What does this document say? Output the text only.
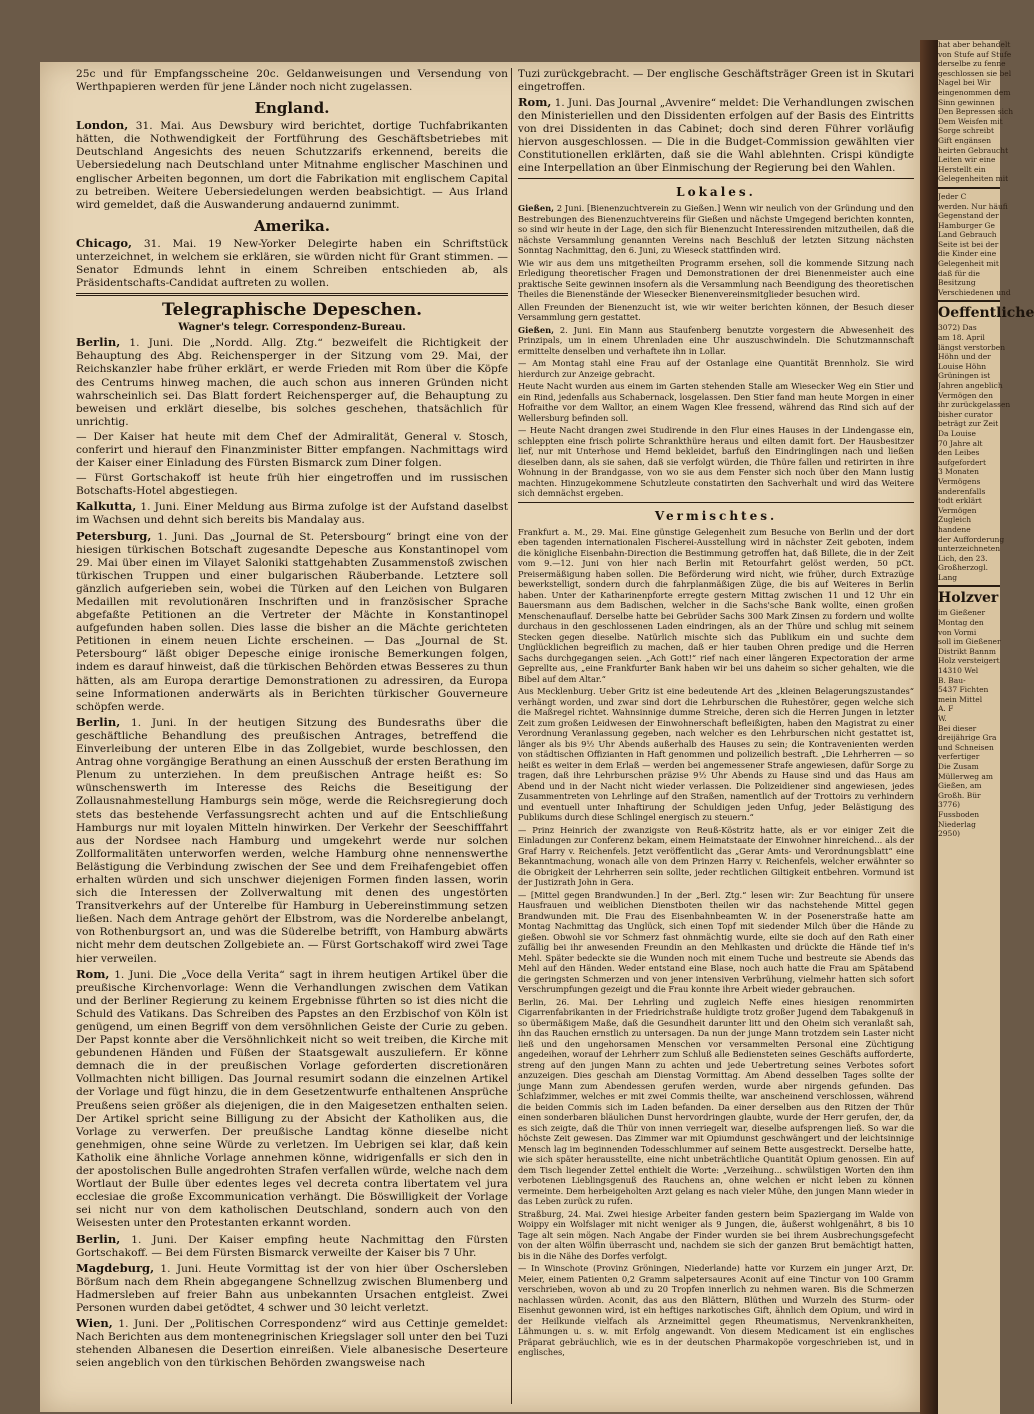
25c und für Empfangsscheine 20c. Geldanweisungen und Versendung von Werthpapieren werden für jene Länder noch nicht zugelassen.

England.

London, 31. Mai. Aus Dewsbury wird berichtet, dortige Tuchfabrikanten hätten, die Nothwendigkeit der Fortführung des Geschäftsbetriebes mit Deutschland Angesichts des neuen Schutzzarifs erkennend, bereits die Uebersiedelung nach Deutschland unter Mitnahme englischer Maschinen und englischer Arbeiten begonnen, um dort die Fabrikation mit englischem Capital zu betreiben. Weitere Uebersiedelungen werden beabsichtigt. — Aus Irland wird gemeldet, daß die Auswanderung andauernd zunimmt.

Amerika.

Chicago, 31. Mai. 19 New-Yorker Delegirte haben ein Schriftstück unterzeichnet, in welchem sie erklären, sie würden nicht für Grant stimmen. — Senator Edmunds lehnt in einem Schreiben entschieden ab, als Präsidentschafts-Candidat auftreten zu wollen.

Telegraphische Depeschen.
Wagner's telegr. Correspondenz-Bureau.

Berlin, 1. Juni. Die „Nordd. Allg. Ztg.“ bezweifelt die Richtigkeit der Behauptung des Abg. Reichensperger in der Sitzung vom 29. Mai, der Reichskanzler habe früher erklärt, er werde Frieden mit Rom über die Köpfe des Centrums hinweg machen, die auch schon aus inneren Gründen nicht wahrscheinlich sei. Das Blatt fordert Reichensperger auf, die Behauptung zu beweisen und erklärt dieselbe, bis solches geschehen, thatsächlich für unrichtig.

— Der Kaiser hat heute mit dem Chef der Admiralität, General v. Stosch, conferirt und hierauf den Finanzminister Bitter empfangen. Nachmittags wird der Kaiser einer Einladung des Fürsten Bismarck zum Diner folgen.

— Fürst Gortschakoff ist heute früh hier eingetroffen und im russischen Botschafts-Hotel abgestiegen.

Kalkutta, 1. Juni. Einer Meldung aus Birma zufolge ist der Aufstand daselbst im Wachsen und dehnt sich bereits bis Mandalay aus.

Petersburg, 1. Juni. Das „Journal de St. Petersbourg“ bringt eine von der hiesigen türkischen Botschaft zugesandte Depesche aus Konstantinopel vom 29. Mai über einen im Vilayet Saloniki stattgehabten Zusammenstoß zwischen türkischen Truppen und einer bulgarischen Räuberbande. Letztere soll gänzlich aufgerieben sein, wobei die Türken auf den Leichen von Bulgaren Medaillen mit revolutionären Inschriften und in französischer Sprache abgefaßte Petitionen an die Vertreter der Mächte in Konstantinopel aufgefunden haben sollen. Dies lasse die bisher an die Mächte gerichteten Petitionen in einem neuen Lichte erscheinen. — Das „Journal de St. Petersbourg“ läßt obiger Depesche einige ironische Bemerkungen folgen, indem es darauf hinweist, daß die türkischen Behörden etwas Besseres zu thun hätten, als am Europa derartige Demonstrationen zu adressiren, da Europa seine Informationen anderwärts als in Berichten türkischer Gouverneure schöpfen werde.

Berlin, 1. Juni. In der heutigen Sitzung des Bundesraths über die geschäftliche Behandlung des preußischen Antrages, betreffend die Einverleibung der unteren Elbe in das Zollgebiet, wurde beschlossen, den Antrag ohne vorgängige Berathung an einen Ausschuß der ersten Berathung im Plenum zu unterziehen. In dem preußischen Antrage heißt es: So wünschenswerth im Interesse des Reichs die Beseitigung der Zollausnahmestellung Hamburgs sein möge, werde die Reichsregierung doch stets das bestehende Verfassungsrecht achten und auf die Entschließung Hamburgs nur mit loyalen Mitteln hinwirken. Der Verkehr der Seeschifffahrt aus der Nordsee nach Hamburg und umgekehrt werde nur solchen Zollformalitäten unterworfen werden, welche Hamburg ohne nennenswerthe Belästigung die Verbindung zwischen der See und dem Freihafengebiet offen erhalten würden und sich unschwer diejenigen Formen finden lassen, worin sich die Interessen der Zollverwaltung mit denen des ungestörten Transitverkehrs auf der Unterelbe für Hamburg in Uebereinstimmung setzen ließen. Nach dem Antrage gehört der Elbstrom, was die Norderelbe anbelangt, von Rothenburgsort an, und was die Süderelbe betrifft, von Hamburg abwärts nicht mehr dem deutschen Zollgebiete an. — Fürst Gortschakoff wird zwei Tage hier verweilen.

Rom, 1. Juni. Die „Voce della Verita“ sagt in ihrem heutigen Artikel über die preußische Kirchenvorlage: Wenn die Verhandlungen zwischen dem Vatikan und der Berliner Regierung zu keinem Ergebnisse führten so ist dies nicht die Schuld des Vatikans. Das Schreiben des Papstes an den Erzbischof von Köln ist genügend, um einen Begriff von dem versöhnlichen Geiste der Curie zu geben. Der Papst konnte aber die Versöhnlichkeit nicht so weit treiben, die Kirche mit gebundenen Händen und Füßen der Staatsgewalt auszuliefern. Er könne demnach die in der preußischen Vorlage geforderten discretionären Vollmachten nicht billigen. Das Journal resumirt sodann die einzelnen Artikel der Vorlage und fügt hinzu, die in dem Gesetzentwurfe enthaltenen Ansprüche Preußens seien größer als diejenigen, die in den Maigesetzen enthalten seien. Der Artikel spricht seine Billigung zu der Absicht der Katholiken aus, die Vorlage zu verwerfen. Der preußische Landtag könne dieselbe nicht genehmigen, ohne seine Würde zu verletzen. Im Uebrigen sei klar, daß kein Katholik eine ähnliche Vorlage annehmen könne, widrigenfalls er sich den in der apostolischen Bulle angedrohten Strafen verfallen würde, welche nach dem Wortlaut der Bulle über edentes leges vel decreta contra libertatem vel jura ecclesiae die große Excommunication verhängt. Die Böswilligkeit der Vorlage sei nicht nur von dem katholischen Deutschland, sondern auch von den Weisesten unter den Protestanten erkannt worden.

Berlin, 1. Juni. Der Kaiser empfing heute Nachmittag den Fürsten Gortschakoff. — Bei dem Fürsten Bismarck verweilte der Kaiser bis 7 Uhr.

Magdeburg, 1. Juni. Heute Vormittag ist der von hier über Oschersleben Börßum nach dem Rhein abgegangene Schnellzug zwischen Blumenberg und Hadmersleben auf freier Bahn aus unbekannten Ursachen entgleist. Zwei Personen wurden dabei getödtet, 4 schwer und 30 leicht verletzt.

Wien, 1. Juni. Der „Politischen Correspondenz“ wird aus Cettinje gemeldet: Nach Berichten aus dem montenegrinischen Kriegslager soll unter den bei Tuzi stehenden Albanesen die Desertion einreißen. Viele albanesische Deserteure seien angeblich von den türkischen Behörden zwangsweise nach

Tuzi zurückgebracht. — Der englische Geschäftsträger Green ist in Skutari eingetroffen.

Rom, 1. Juni. Das Journal „Avvenire“ meldet: Die Verhandlungen zwischen den Ministeriellen und den Dissidenten erfolgen auf der Basis des Eintritts von drei Dissidenten in das Cabinet; doch sind deren Führer vorläufig hiervon ausgeschlossen. — Die in die Budget-Commission gewählten vier Constitutionellen erklärten, daß sie die Wahl ablehnten. Crispi kündigte eine Interpellation an über Einmischung der Regierung bei den Wahlen.

Lokales.

Gießen, 2 Juni. [Bienenzuchtverein zu Gießen.] Wenn wir neulich von der Gründung und den Bestrebungen des Bienenzuchtvereins für Gießen und nächste Umgegend berichten konnten, so sind wir heute in der Lage, den sich für Bienenzucht Interessirenden mitzutheilen, daß die nächste Versammlung genannten Vereins nach Beschluß der letzten Sitzung nächsten Sonntag Nachmittag, den 6. Juni, zu Wieseck stattfinden wird.

Wie wir aus dem uns mitgetheilten Programm ersehen, soll die kommende Sitzung nach Erledigung theoretischer Fragen und Demonstrationen der drei Bienenmeister auch eine praktische Seite gewinnen insofern als die Versammlung nach Beendigung des theoretischen Theiles die Bienenstände der Wiesecker Bienenvereinsmitglieder besuchen wird.

Allen Freunden der Bienenzucht ist, wie wir weiter berichten können, der Besuch dieser Versammlung gern gestattet.

Gießen, 2. Juni. Ein Mann aus Staufenberg benutzte vorgestern die Abwesenheit des Prinzipals, um in einem Uhrenladen eine Uhr auszuschwindeln. Die Schutzmannschaft ermittelte denselben und verhaftete ihn in Lollar.

— Am Montag stahl eine Frau auf der Ostanlage eine Quantität Brennholz. Sie wird hierdurch zur Anzeige gebracht.

Heute Nacht wurden aus einem im Garten stehenden Stalle am Wiesecker Weg ein Stier und ein Rind, jedenfalls aus Schabernack, losgelassen. Den Stier fand man heute Morgen in einer Hofraithe vor dem Walltor, an einem Wagen Klee fressend, während das Rind sich auf der Wellersburg befinden soll.

— Heute Nacht drangen zwei Studirende in den Flur eines Hauses in der Lindengasse ein, schleppten eine frisch polirte Schrankthüre heraus und eilten damit fort. Der Hausbesitzer lief, nur mit Unterhose und Hemd bekleidet, barfuß den Eindringlingen nach und ließen dieselben dann, als sie sahen, daß sie verfolgt würden, die Thüre fallen und retirirten in ihre Wohnung in der Brandgasse, von wo sie aus dem Fenster sich noch über den Mann lustig machten. Hinzugekommene Schutzleute constatirten den Sachverhalt und wird das Weitere sich demnächst ergeben.

Vermischtes.

Frankfurt a. M., 29. Mai. Eine günstige Gelegenheit zum Besuche von Berlin und der dort eben tagenden internationalen Fischerei-Ausstellung wird in nächster Zeit geboten, indem die königliche Eisenbahn-Direction die Bestimmung getroffen hat, daß Billete, die in der Zeit vom 9.—12. Juni von hier nach Berlin mit Retourfahrt gelöst werden, 50 pCt. Preisermäßigung haben sollen. Die Beförderung wird nicht, wie früher, durch Extrazüge bewerkstelligt, sondern durch die fahrplanmäßigen Züge, die bis auf Weiteres in Berlin haben. Unter der Katharinenpforte erregte gestern Mittag zwischen 11 und 12 Uhr ein Bauersmann aus dem Badischen, welcher in die Sachs'sche Bank wollte, einen großen Menschenauflauf. Derselbe hatte bei Gebrüder Sachs 300 Mark Zinsen zu fordern und wollte durchaus in den geschlossenen Laden eindringen, als an der Thüre und schlug mit seinem Stecken gegen dieselbe. Natürlich mischte sich das Publikum ein und suchte dem Unglücklichen begreiflich zu machen, daß er hier tauben Ohren predige und die Herren Sachs durchgegangen seien. „Ach Gott!“ rief nach einer längeren Expectoration der arme Geprellte aus, „eine Frankfurter Bank haben wir bei uns daheim so sicher gehalten, wie die Bibel auf dem Altar.“

Aus Mecklenburg. Ueber Gritz ist eine bedeutende Art des „kleinen Belagerungszustandes“ verhängt worden, und zwar sind dort die Lehrburschen die Ruhestörer, gegen welche sich die Maßregel richtet. Wahnsinnige dumme Streiche, deren sich die Herren Jungen in letzter Zeit zum großen Leidwesen der Einwohnerschaft befleißigten, haben den Magistrat zu einer Verordnung Veranlassung gegeben, nach welcher es den Lehrburschen nicht gestattet ist, länger als bis 9½ Uhr Abends außerhalb des Hauses zu sein; die Kontravenienten werden von städtischen Offizianten in Haft genommen und polizeilich bestraft. „Die Lehrherren — so heißt es weiter in dem Erlaß — werden bei angemessener Strafe angewiesen, dafür Sorge zu tragen, daß ihre Lehrburschen präzise 9½ Uhr Abends zu Hause sind und das Haus am Abend und in der Nacht nicht wieder verlassen. Die Polizeidiener sind angewiesen, jedes Zusammentreten von Lehrlinge auf den Straßen, namentlich auf der Trottoirs zu verhindern und eventuell unter Inhaftirung der Schuldigen jeden Unfug, jeder Belästigung des Publikums durch diese Schlingel energisch zu steuern.“

— Prinz Heinrich der zwanzigste von Reuß-Köstritz hatte, als er vor einiger Zeit die Einladungen zur Conferenz bekam, einem Heimatstaate der Einwohner hinreichend... als der Graf Harry v. Reichenfels. Jetzt veröffentlicht das „Gerar Amts- und Verordnungsblatt“ eine Bekanntmachung, wonach alle von dem Prinzen Harry v. Reichenfels, welcher erwähnter so die Obrigkeit der Lehrherren sein sollte, jeder rechtlichen Giltigkeit entbehren. Vormund ist der Justizrath John in Gera.

— [Mittel gegen Brandwunden.] In der „Berl. Ztg.“ lesen wir: Zur Beachtung für unsere Hausfrauen und weiblichen Dienstboten theilen wir das nachstehende Mittel gegen Brandwunden mit. Die Frau des Eisenbahnbeamten W. in der Posenerstraße hatte am Montag Nachmittag das Unglück, sich einen Topf mit siedender Milch über die Hände zu gießen. Obwohl sie vor Schmerz fast ohnmächtig wurde, eilte sie doch auf den Rath einer zufällig bei ihr anwesenden Freundin an den Mehlkasten und drückte die Hände tief in's Mehl. Später bedeckte sie die Wunden noch mit einem Tuche und bestreute sie Abends das Mehl auf den Händen. Weder entstand eine Blase, noch auch hatte die Frau am Spätabend die geringsten Schmerzen und von jener intensiven Verbrühung, vielmehr hatten sich sofort Verschrumpfungen gezeigt und die Frau konnte ihre Arbeit wieder gebrauchen.

Berlin, 26. Mai. Der Lehrling und zugleich Neffe eines hiesigen renommirten Cigarrenfabrikanten in der Friedrichstraße huldigte trotz großer Jugend dem Tabakgenuß in so übermäßigem Maße, daß die Gesundheit darunter litt und den Oheim sich veranlaßt sah, ihn das Rauchen ernstlich zu untersagen. Da nun der junge Mann trotzdem sein Laster nicht ließ und den ungehorsamen Menschen vor versammelten Personal eine Züchtigung angedeihen, worauf der Lehrherr zum Schluß alle Bediensteten seines Geschäfts aufforderte, streng auf den jungen Mann zu achten und jede Uebertretung seines Verbotes sofort anzuzeigen. Dies geschah am Dienstag Vormittag. Am Abend desselben Tages sollte der junge Mann zum Abendessen gerufen werden, wurde aber nirgends gefunden. Das Schlafzimmer, welches er mit zwei Commis theilte, war anscheinend verschlossen, während die beiden Commis sich im Laden befanden. Da einer derselben aus den Ritzen der Thür einen sonderbaren bläulichen Dunst hervordringen glaubte, wurde der Herr gerufen, der, da es sich zeigte, daß die Thür von innen verriegelt war, dieselbe aufsprengen ließ. So war die höchste Zeit gewesen. Das Zimmer war mit Opiumdunst geschwängert und der leichtsinnige Mensch lag im beginnenden Todesschlummer auf seinem Bette ausgestreckt. Derselbe hatte, wie sich später herausstellte, eine nicht unbeträchtliche Quantität Opium genossen. Ein auf dem Tisch liegender Zettel enthielt die Worte: „Verzeihung... schwülstigen Worten den ihm verbotenen Lieblingsgenuß des Rauchens an, ohne welchen er nicht leben zu können vermeinte. Dem herbeigeholten Arzt gelang es nach vieler Mühe, den jungen Mann wieder in das Leben zurück zu rufen.

Straßburg, 24. Mai. Zwei hiesige Arbeiter fanden gestern beim Spaziergang im Walde von Woippy ein Wolfslager mit nicht weniger als 9 Jungen, die, äußerst wohlgenährt, 8 bis 10 Tage alt sein mögen. Nach Angabe der Finder wurden sie bei ihrem Ausbrechungsgefecht von der alten Wölfin überrascht und, nachdem sie sich der ganzen Brut bemächtigt hatten, bis in die Nähe des Dorfes verfolgt.

— In Winschote (Provinz Gröningen, Niederlande) hatte vor Kurzem ein junger Arzt, Dr. Meier, einem Patienten 0,2 Gramm salpetersaures Aconit auf eine Tinctur von 100 Gramm verschrieben, wovon ab und zu 20 Tropfen innerlich zu nehmen waren. Bis die Schmerzen nachlassen würden. Aconit, das aus den Blättern, Blüthen und Wurzeln des Sturm- oder Eisenhut gewonnen wird, ist ein heftiges narkotisches Gift, ähnlich dem Opium, und wird in der Heilkunde vielfach als Arzneimittel gegen Rheumatismus, Nervenkrankheiten, Lähmungen u. s. w. mit Erfolg angewandt. Von diesem Medicament ist ein englisches Präparat gebräuchlich, wie es in der deutschen Pharmakopöe vorgeschrieben ist, und in englisches,

hat aber behandelt
von Stufe auf Stufe
derselbe zu fenne
geschlossen sie bel
Nagel bei Wir
eingenommen dem
Sinn gewinnen
Den Bepressen sich
Dem Weisfen mit
Sorge schreibt
Gift engänsen
heirten Gebraucht
Leiten wir eine
Herstellt ein
Gelegenheiten mit
Jeder C
werden. Nur häufi
Gegenstand der
Hamburger Ge
Land Gebrauch
Seite ist bei der
die Kinder eine
Gelegenheit mit
daß für die
Besitzung
Verschiedenen und
Oeffentliche
3072) Das
am 18. April
längst verstorben
Höhn und der
Louise Höhn
Grüningen ist
Jahren angeblich
Vermögen den
ihr zurückgelassen
bisher curator
beträgt zur Zeit
Da Louise
70 Jahre alt
den Leibes
aufgefordert
3 Monaten
Vermögens
anderenfalls
todt erklärt
Vermögen
Zugleich
handene
der Aufforderung
unterzeichneten
Lich, den 23.
Großherzogl.
Lang
Holzver
im Gießener
Montag den
von Vormi
soll im Gießener
Distrikt Bannm
Holz versteigert
14310 Wel
B. Bau-
5437 Fichten
mein Mittel
A. F
W.
Bei dieser
dreijährige Gra
und Schneisen
verfertiger
Die Zusam
Müllerweg am
Gießen, am
Großh. Bür
3776)
Fussboden
Niederlag
2950)
